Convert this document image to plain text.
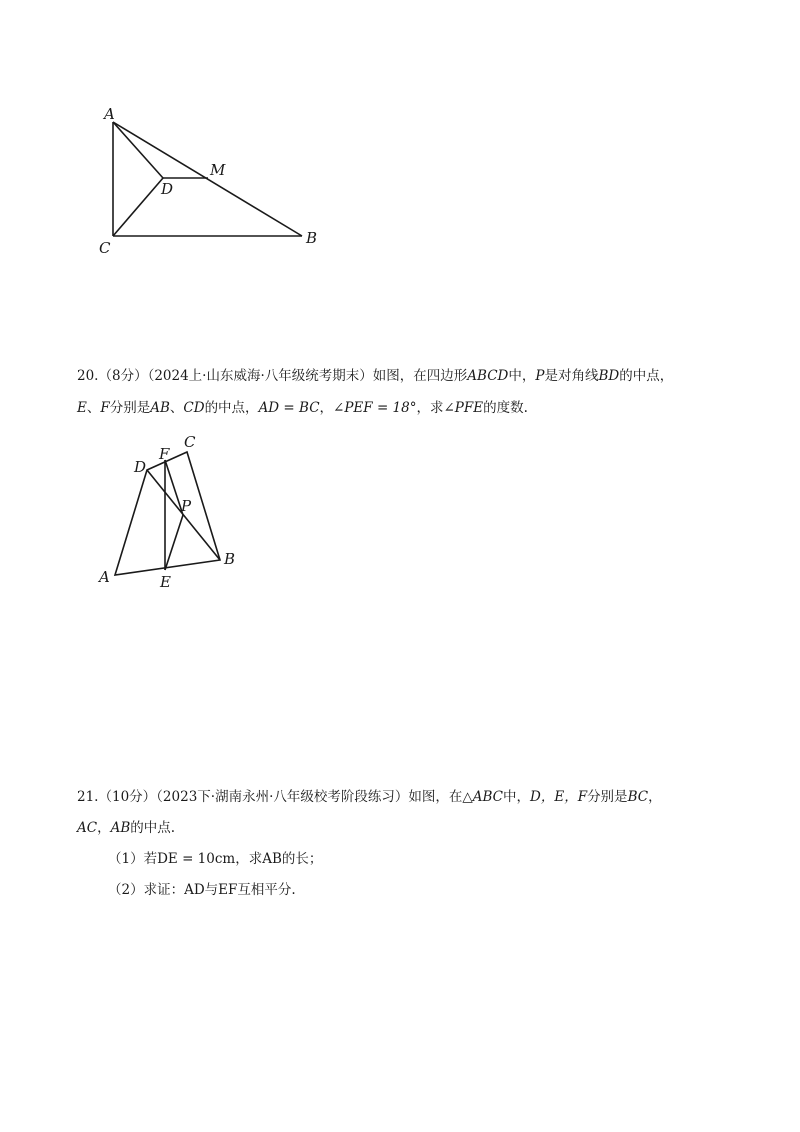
A
M
D
C
B
20.（8分）（2024上·山东威海·八年级统考期末）如图，在四边形ABCD中，P是对角线BD的中点，
E、F分别是AB、CD的中点，AD = BC，∠PEF = 18°，求∠PFE的度数.
D
F
C
P
B
A	E
21.（10分）（2023下·湖南永州·八年级校考阶段练习）如图，在△ABC中，D，E，F分别是BC，
AC，AB的中点.
（1）若DE = 10cm，求AB的长；
（2）求证：AD与EF互相平分.
